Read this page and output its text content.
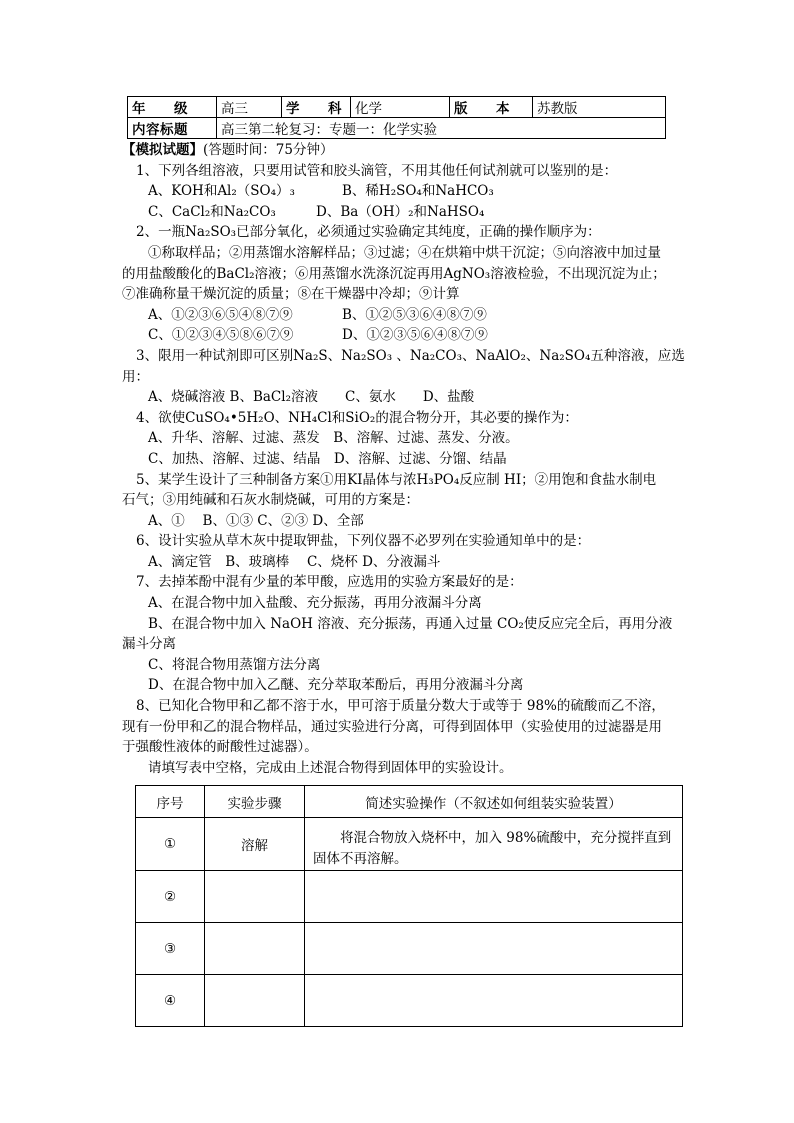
年　　级	高三	学　　科	化学	版　　本	苏教版
内容标题	高三第二轮复习：专题一：化学实验				
【模拟试题】(答题时间：75分钟）
1、下列各组溶液，只要用试管和胶头滴管，不用其他任何试剂就可以鉴别的是：
A、KOH和Al₂（SO₄）₃	B、稀H₂SO₄和NaHCO₃
C、CaCl₂和Na₂CO₃	D、Ba（OH）₂和NaHSO₄
2、一瓶Na₂SO₃已部分氧化，必须通过实验确定其纯度，正确的操作顺序为：
①称取样品；②用蒸馏水溶解样品；③过滤；④在烘箱中烘干沉淀；⑤向溶液中加过量
的用盐酸酸化的BaCl₂溶液；⑥用蒸馏水洗涤沉淀再用AgNO₃溶液检验，不出现沉淀为止；
⑦准确称量干燥沉淀的质量；⑧在干燥器中冷却；⑨计算
A、①②③⑥⑤④⑧⑦⑨	B、①②⑤③⑥④⑧⑦⑨
C、①②③④⑤⑧⑥⑦⑨	D、①②③⑤⑥④⑧⑦⑨
3、限用一种试剂即可区别Na₂S、Na₂SO₃ 、Na₂CO₃、NaAlO₂、Na₂SO₄五种溶液，应选
用：
A、烧碱溶液 B、BaCl₂溶液　　C、氨水　　D、盐酸
4、欲使CuSO₄•5H₂O、NH₄Cl和SiO₂的混合物分开，其必要的操作为：
A、升华、溶解、过滤、蒸发　B、溶解、过滤、蒸发、分液。
C、加热、溶解、过滤、结晶　D、溶解、过滤、分馏、结晶
5、某学生设计了三种制备方案①用KI晶体与浓H₃PO₄反应制 HI；②用饱和食盐水制电
石气；③用纯碱和石灰水制烧碱，可用的方案是：
A、①　 B、①③ C、②③ D、全部
6、设计实验从草木灰中提取钾盐，下列仪器不必罗列在实验通知单中的是：
A、滴定管　B、玻璃棒　 C、烧杯 D、分液漏斗
7、去掉苯酚中混有少量的苯甲酸，应选用的实验方案最好的是：
A、在混合物中加入盐酸、充分振荡，再用分液漏斗分离
B、在混合物中加入 NaOH 溶液、充分振荡，再通入过量 CO₂使反应完全后，再用分液
漏斗分离
C、将混合物用蒸馏方法分离
D、在混合物中加入乙醚、充分萃取苯酚后，再用分液漏斗分离
8、已知化合物甲和乙都不溶于水，甲可溶于质量分数大于或等于 98%的硫酸而乙不溶，
现有一份甲和乙的混合物样品，通过实验进行分离，可得到固体甲（实验使用的过滤器是用
于强酸性液体的耐酸性过滤器）。
请填写表中空格，完成由上述混合物得到固体甲的实验设计。
序号	实验步骤	简述实验操作（不叙述如何组装实验装置）
①	溶解	　　将混合物放入烧杯中，加入 98%硫酸中，充分搅拌直到固体不再溶解。
②		
③		
④		
